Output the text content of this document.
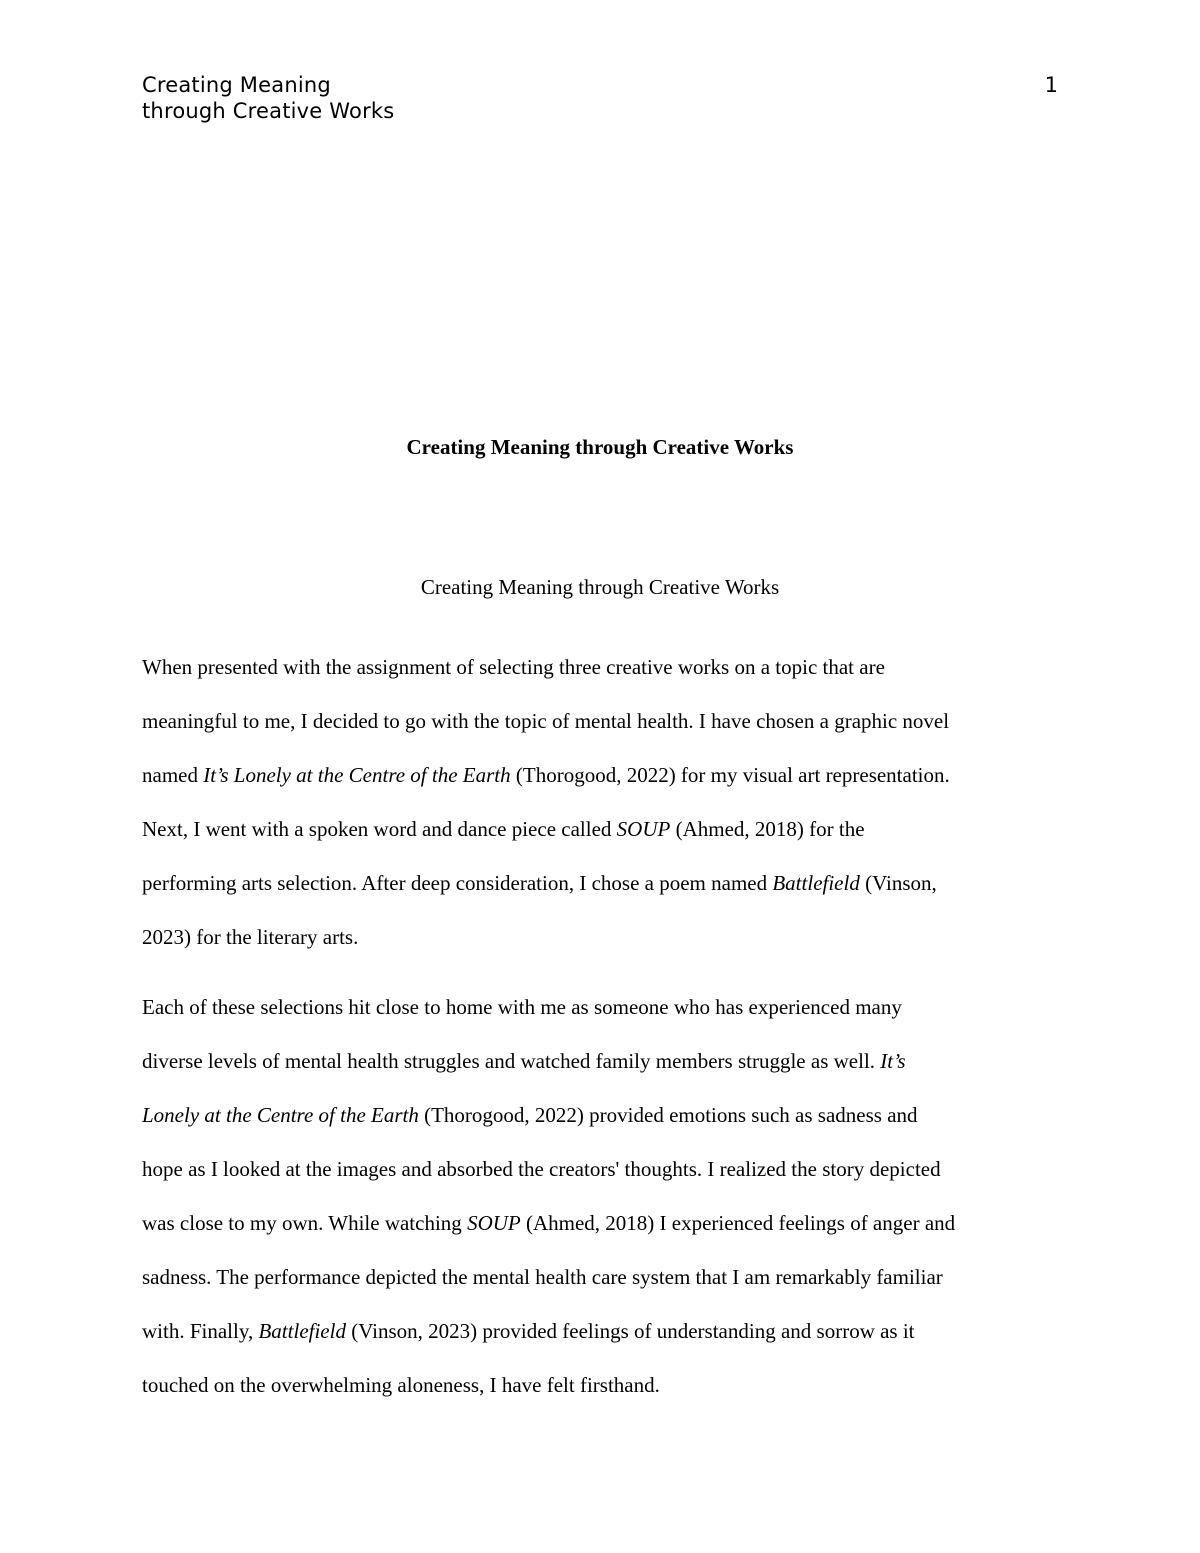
Creating Meaning
through Creative Works
1
Creating Meaning through Creative Works
Creating Meaning through Creative Works

When presented with the assignment of selecting three creative works on a topic that are
meaningful to me, I decided to go with the topic of mental health. I have chosen a graphic novel
named It’s Lonely at the Centre of the Earth (Thorogood, 2022) for my visual art representation.
Next, I went with a spoken word and dance piece called SOUP (Ahmed, 2018) for the
performing arts selection. After deep consideration, I chose a poem named Battlefield (Vinson,
2023) for the literary arts.

Each of these selections hit close to home with me as someone who has experienced many
diverse levels of mental health struggles and watched family members struggle as well. It’s
Lonely at the Centre of the Earth (Thorogood, 2022) provided emotions such as sadness and
hope as I looked at the images and absorbed the creators' thoughts. I realized the story depicted
was close to my own. While watching SOUP (Ahmed, 2018) I experienced feelings of anger and
sadness. The performance depicted the mental health care system that I am remarkably familiar
with. Finally, Battlefield (Vinson, 2023) provided feelings of understanding and sorrow as it
touched on the overwhelming aloneness, I have felt firsthand.
